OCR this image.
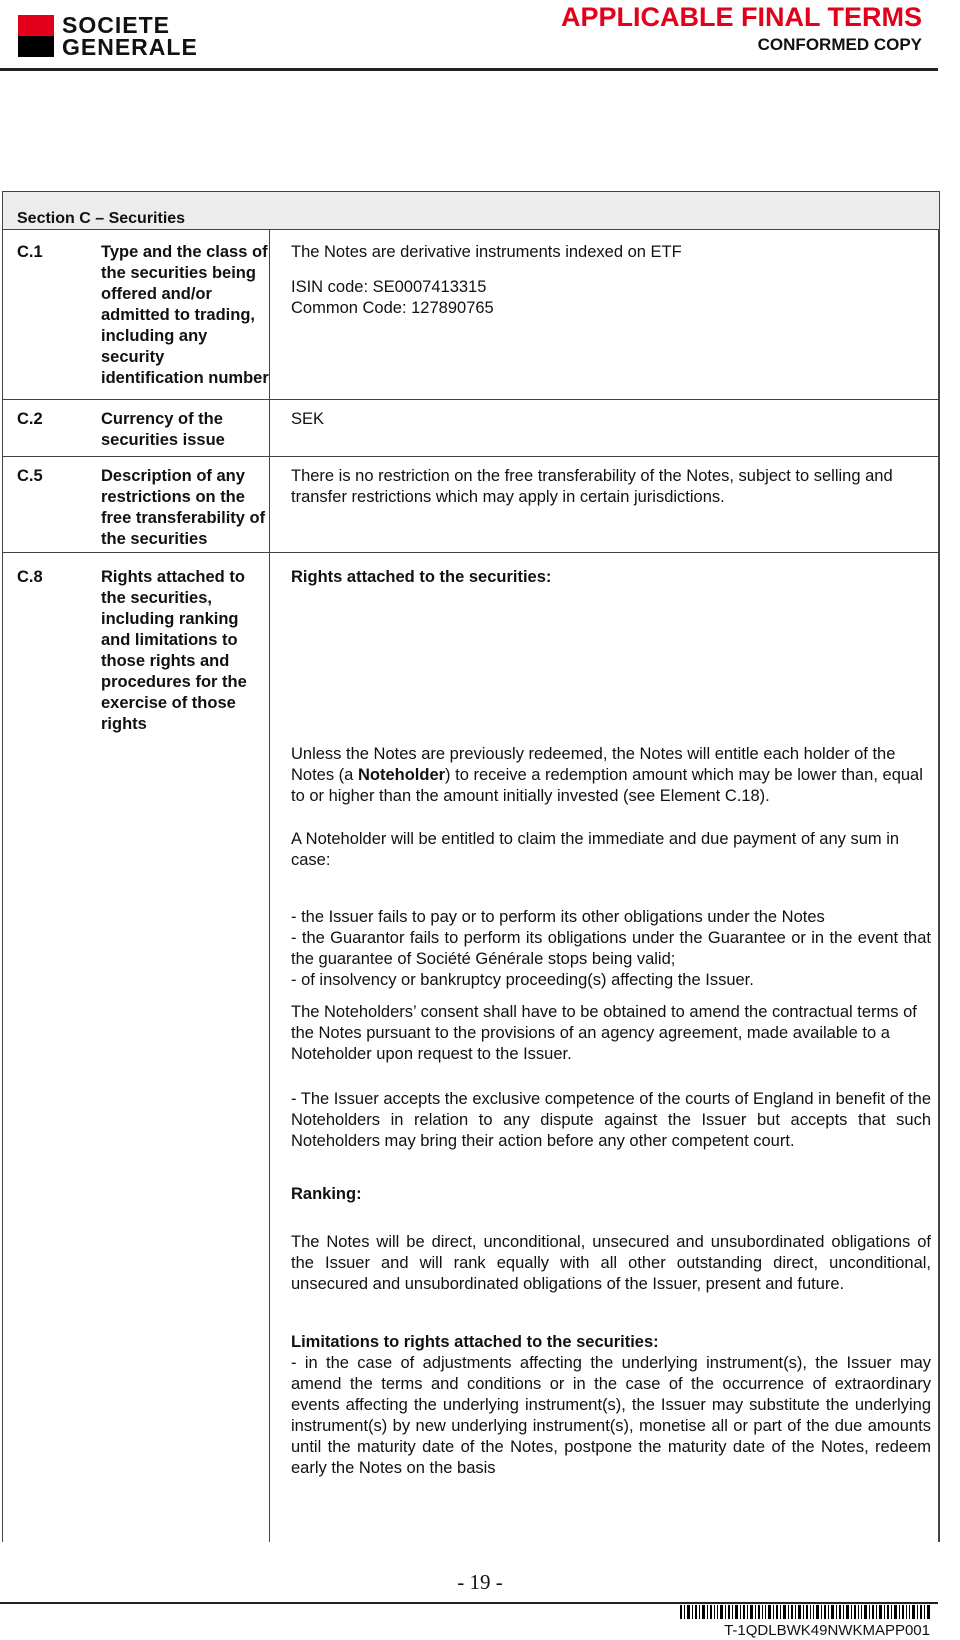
SOCIETE
GENERALE
APPLICABLE FINAL TERMS
CONFORMED COPY
Section C – Securities
C.1	Type and the class of the securities being offered and/or admitted to trading, including any security identification number

The Notes are derivative instruments indexed on ETF

ISIN code: SE0007413315

Common Code: 127890765

C.2	Currency of the securities issue
SEK
C.5	Description of any restrictions on the free transferability of the securities
There is no restriction on the free transferability of the Notes, subject to selling and transfer restrictions which may apply in certain jurisdictions.
C.8	Rights attached to the securities, including ranking and limitations to those rights and procedures for the exercise of those rights
Rights attached to the securities:
Unless the Notes are previously redeemed, the Notes will entitle each holder of the Notes (a Noteholder) to receive a redemption amount which may be lower than, equal to or higher than the amount initially invested (see Element C.18).
A Noteholder will be entitled to claim the immediate and due payment of any sum in case:

- the Issuer fails to pay or to perform its other obligations under the Notes

- the Guarantor fails to perform its obligations under the Guarantee or in the event that the guarantee of Société Générale stops being valid;

- of insolvency or bankruptcy proceeding(s) affecting the Issuer.

The Noteholders’ consent shall have to be obtained to amend the contractual terms of the Notes pursuant to the provisions of an agency agreement, made available to a Noteholder upon request to the Issuer.
- The Issuer accepts the exclusive competence of the courts of England in benefit of the Noteholders in relation to any dispute against the Issuer but accepts that such Noteholders may bring their action before any other competent court.
Ranking:
The Notes will be direct, unconditional, unsecured and unsubordinated obligations of the Issuer and will rank equally with all other outstanding direct, unconditional, unsecured and unsubordinated obligations of the Issuer, present and future.
Limitations to rights attached to the securities:
- in the case of adjustments affecting the underlying instrument(s), the Issuer may amend the terms and conditions or in the case of the occurrence of extraordinary events affecting the underlying instrument(s), the Issuer may substitute the underlying instrument(s) by new underlying instrument(s), monetise all or part of the due amounts until the maturity date of the Notes, postpone the maturity date of the Notes, redeem early the Notes on the basis
- 19 -
T-1QDLBWK49NWKMAPP001
